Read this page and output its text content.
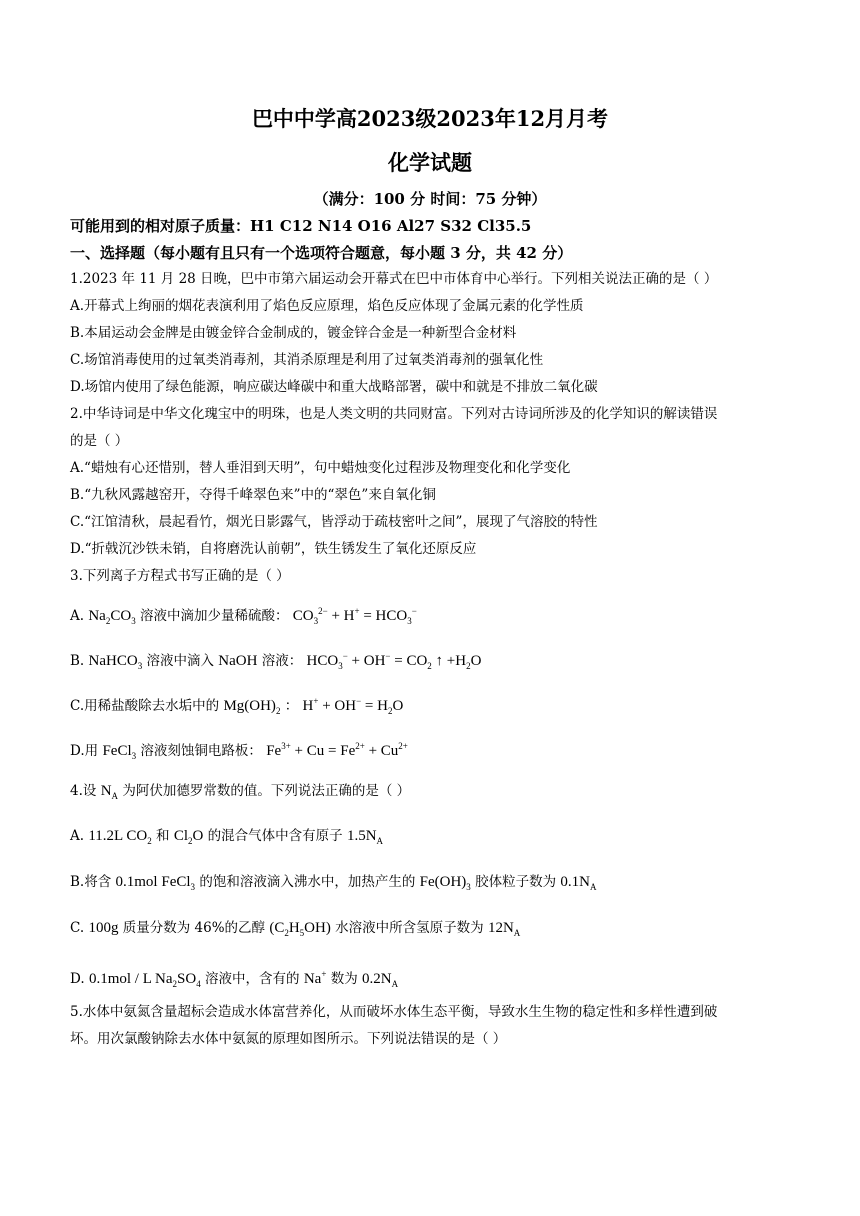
巴中中学高2023级2023年12月月考
化学试题
（满分：100 分 时间：75 分钟）
可能用到的相对原子质量：H1 C12 N14 O16 Al27 S32 Cl35.5
一、选择题（每小题有且只有一个选项符合题意，每小题 3 分，共 42 分）
1.2023 年 11 月 28 日晚，巴中市第六届运动会开幕式在巴中市体育中心举行。下列相关说法正确的是（ ）
A.开幕式上绚丽的烟花表演利用了焰色反应原理，焰色反应体现了金属元素的化学性质
B.本届运动会金牌是由镀金锌合金制成的，镀金锌合金是一种新型合金材料
C.场馆消毒使用的过氧类消毒剂，其消杀原理是利用了过氧类消毒剂的强氧化性
D.场馆内使用了绿色能源，响应碳达峰碳中和重大战略部署，碳中和就是不排放二氧化碳
2.中华诗词是中华文化瑰宝中的明珠，也是人类文明的共同财富。下列对古诗词所涉及的化学知识的解读错误
的是（ ）
A.“蜡烛有心还惜别，替人垂泪到天明”，句中蜡烛变化过程涉及物理变化和化学变化
B.“九秋风露越窑开，夺得千峰翠色来”中的“翠色”来自氧化铜
C.“江馆清秋，晨起看竹，烟光日影露气，皆浮动于疏枝密叶之间”，展现了气溶胶的特性
D.“折戟沉沙铁未销，自将磨洗认前朝”，铁生锈发生了氧化还原反应
3.下列离子方程式书写正确的是（ ）
A. $Na_2CO_3$ 溶液中滴加少量稀硫酸： $CO_3^{2-} + H^+ = HCO_3^-$
B. NaHCO$_3$ 溶液中滴入 NaOH 溶液： $HCO_3^- + OH^- = CO_2$ ↑ $+H_2O$
C.用稀盐酸除去水垢中的 $Mg(OH)_2$ ： $H^+ + OH^- = H_2O$
D.用 FeCl$_3$ 溶液刻蚀铜电路板： $Fe^{3+} + Cu = Fe^{2+} + Cu^{2+}$
4.设 $N_A$ 为阿伏加德罗常数的值。下列说法正确的是（ ）
A. 11.2L $CO_2$ 和 $Cl_2O$ 的混合气体中含有原子 $1.5N_A$
B.将含 0.1mol FeCl$_3$ 的饱和溶液滴入沸水中，加热产生的 $Fe(OH)_3$ 胶体粒子数为 $0.1N_A$
C. 100g 质量分数为 46%的乙醇 $(C_2H_5OH)$ 水溶液中所含氢原子数为 $12N_A$
D. 0.1mol / L $Na_2SO_4$ 溶液中，含有的 Na+ 数为 $0.2N_A$
5.水体中氨氮含量超标会造成水体富营养化，从而破坏水体生态平衡，导致水生生物的稳定性和多样性遭到破
坏。用次氯酸钠除去水体中氨氮的原理如图所示。下列说法错误的是（ ）
